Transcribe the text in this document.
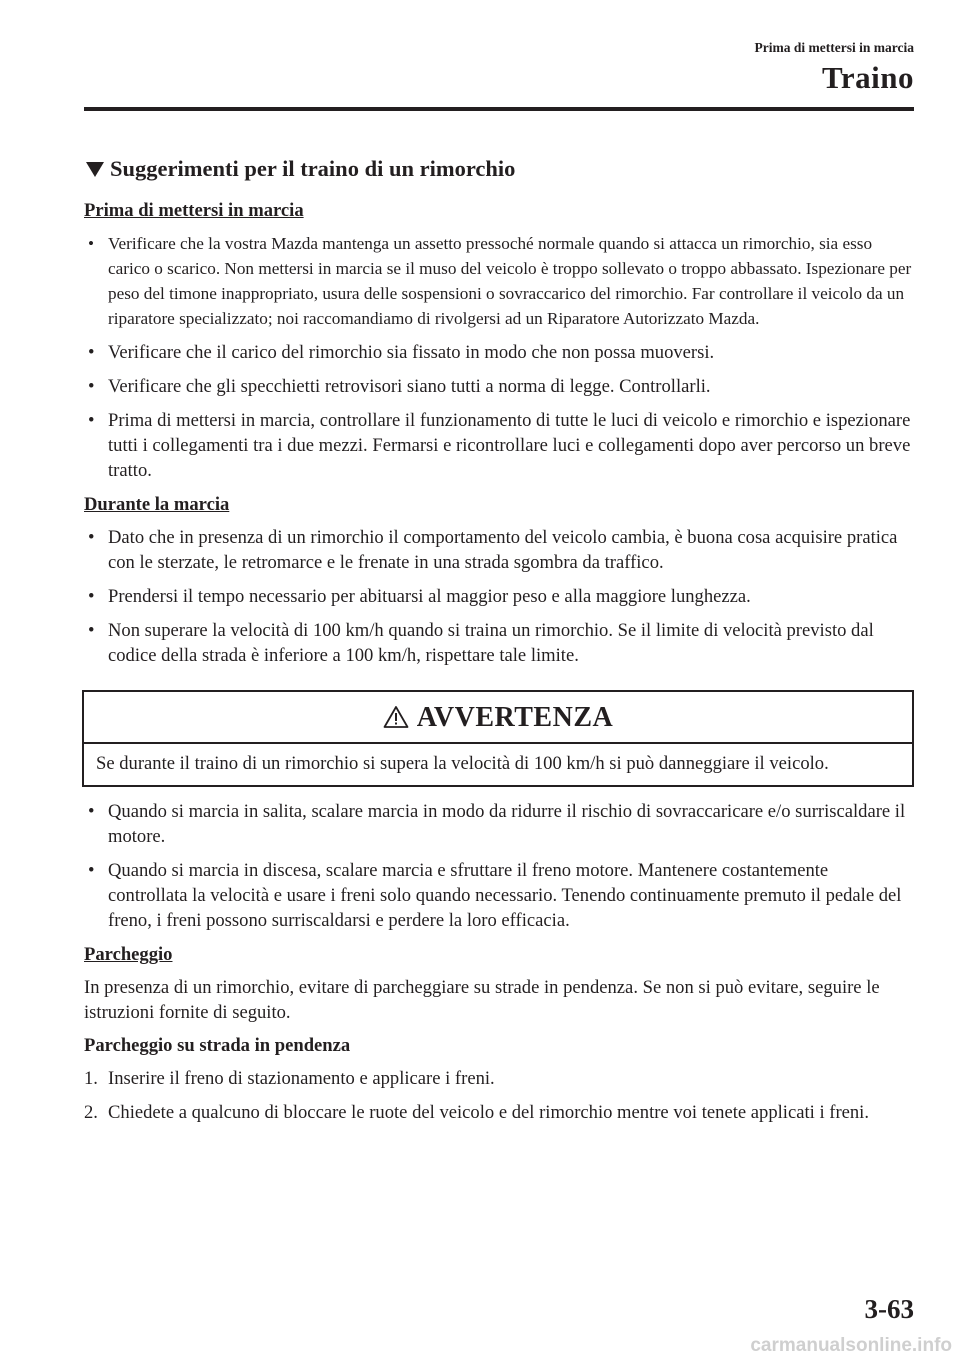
Prima di mettersi in marcia
Traino
Suggerimenti per il traino di un rimorchio
Prima di mettersi in marcia
• Verificare che la vostra Mazda mantenga un assetto pressoché normale quando si attacca un rimorchio, sia esso carico o scarico. Non mettersi in marcia se il muso del veicolo è troppo sollevato o troppo abbassato. Ispezionare per peso del timone inappropriato, usura delle sospensioni o sovraccarico del rimorchio. Far controllare il veicolo da un riparatore specializzato; noi raccomandiamo di rivolgersi ad un Riparatore Autorizzato Mazda.
• Verificare che il carico del rimorchio sia fissato in modo che non possa muoversi.
• Verificare che gli specchietti retrovisori siano tutti a norma di legge. Controllarli.
• Prima di mettersi in marcia, controllare il funzionamento di tutte le luci di veicolo e rimorchio e ispezionare tutti i collegamenti tra i due mezzi. Fermarsi e ricontrollare luci e collegamenti dopo aver percorso un breve tratto.
Durante la marcia
• Dato che in presenza di un rimorchio il comportamento del veicolo cambia, è buona cosa acquisire pratica con le sterzate, le retromarce e le frenate in una strada sgombra da traffico.
• Prendersi il tempo necessario per abituarsi al maggior peso e alla maggiore lunghezza.
• Non superare la velocità di 100 km/h quando si traina un rimorchio. Se il limite di velocità previsto dal codice della strada è inferiore a 100 km/h, rispettare tale limite.
AVVERTENZA
Se durante il traino di un rimorchio si supera la velocità di 100 km/h si può danneggiare il veicolo.
• Quando si marcia in salita, scalare marcia in modo da ridurre il rischio di sovraccaricare e/o surriscaldare il motore.
• Quando si marcia in discesa, scalare marcia e sfruttare il freno motore. Mantenere costantemente controllata la velocità e usare i freni solo quando necessario. Tenendo continuamente premuto il pedale del freno, i freni possono surriscaldarsi e perdere la loro efficacia.
Parcheggio

In presenza di un rimorchio, evitare di parcheggiare su strade in pendenza. Se non si può evitare, seguire le istruzioni fornite di seguito.

Parcheggio su strada in pendenza
1. Inserire il freno di stazionamento e applicare i freni.
2. Chiedete a qualcuno di bloccare le ruote del veicolo e del rimorchio mentre voi tenete applicati i freni.
3-63
carmanualsonline.info
